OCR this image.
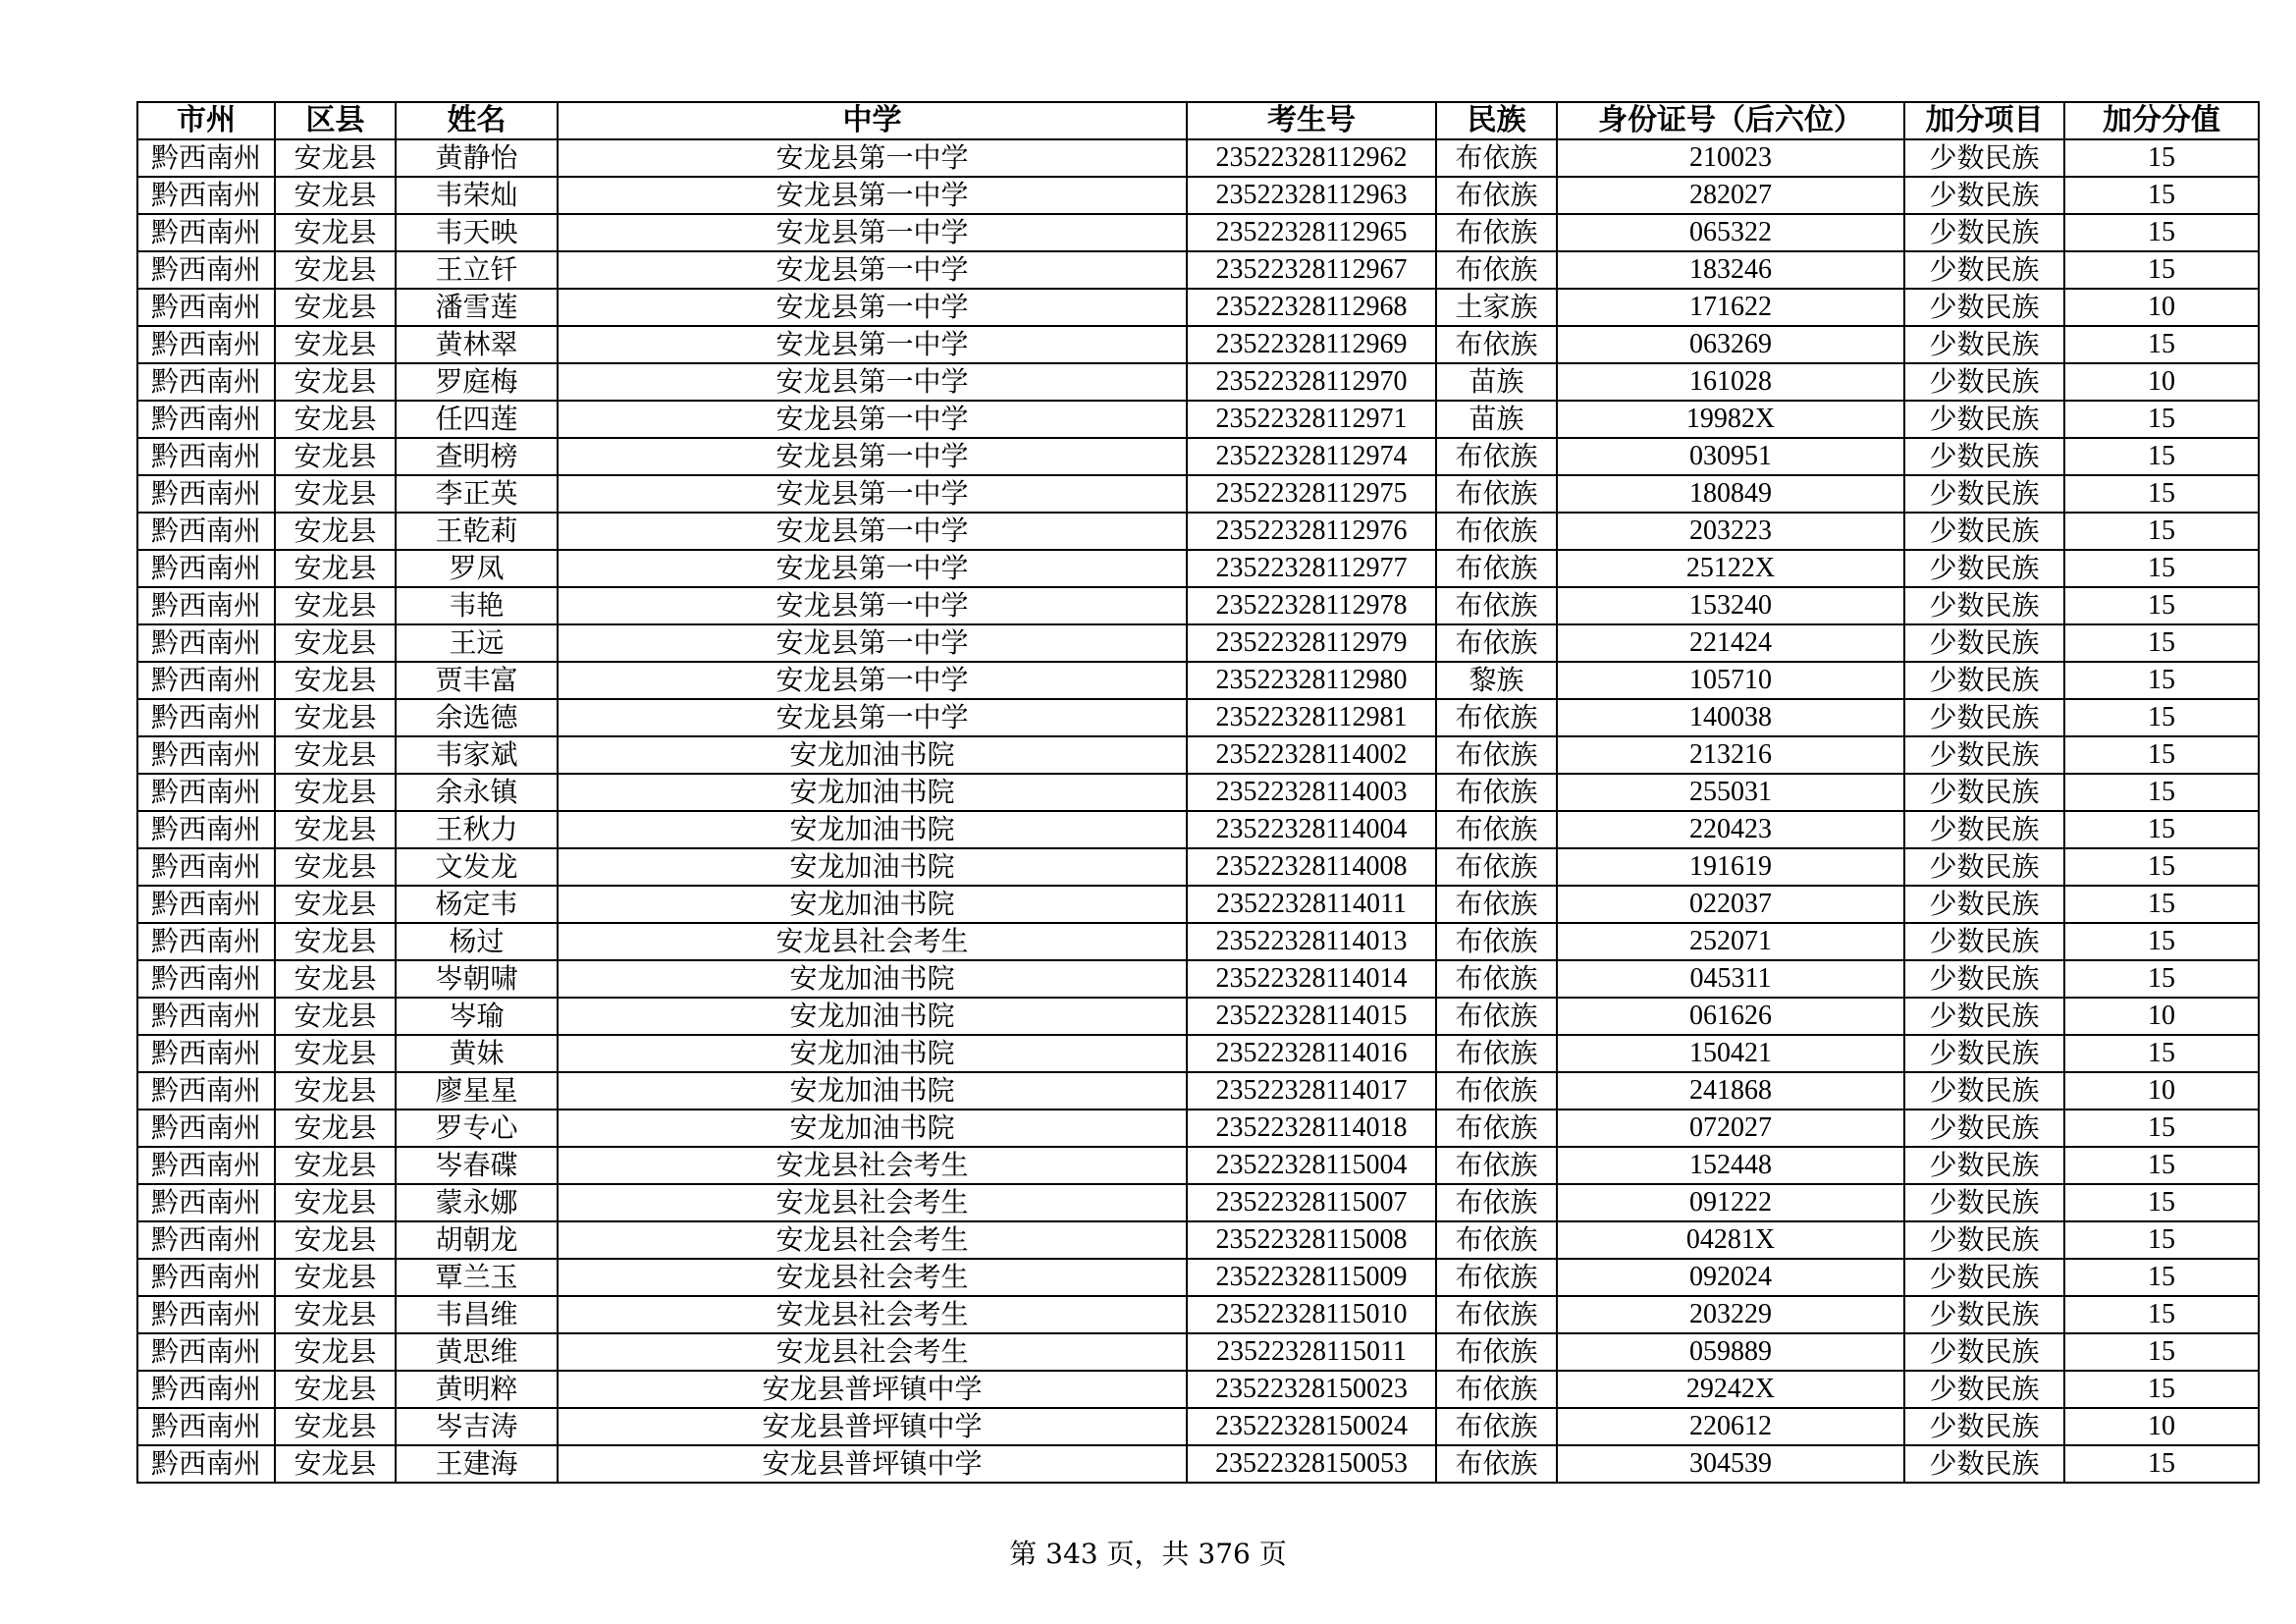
市州	区县	姓名	中学	考生号	民族	身份证号（后六位）	加分项目	加分分值
黔西南州	安龙县	黄静怡	安龙县第一中学	23522328112962	布依族	210023	少数民族	15
黔西南州	安龙县	韦荣灿	安龙县第一中学	23522328112963	布依族	282027	少数民族	15
黔西南州	安龙县	韦天映	安龙县第一中学	23522328112965	布依族	065322	少数民族	15
黔西南州	安龙县	王立钎	安龙县第一中学	23522328112967	布依族	183246	少数民族	15
黔西南州	安龙县	潘雪莲	安龙县第一中学	23522328112968	土家族	171622	少数民族	10
黔西南州	安龙县	黄林翠	安龙县第一中学	23522328112969	布依族	063269	少数民族	15
黔西南州	安龙县	罗庭梅	安龙县第一中学	23522328112970	苗族	161028	少数民族	10
黔西南州	安龙县	任四莲	安龙县第一中学	23522328112971	苗族	19982X	少数民族	15
黔西南州	安龙县	查明榜	安龙县第一中学	23522328112974	布依族	030951	少数民族	15
黔西南州	安龙县	李正英	安龙县第一中学	23522328112975	布依族	180849	少数民族	15
黔西南州	安龙县	王乾莉	安龙县第一中学	23522328112976	布依族	203223	少数民族	15
黔西南州	安龙县	罗凤	安龙县第一中学	23522328112977	布依族	25122X	少数民族	15
黔西南州	安龙县	韦艳	安龙县第一中学	23522328112978	布依族	153240	少数民族	15
黔西南州	安龙县	王远	安龙县第一中学	23522328112979	布依族	221424	少数民族	15
黔西南州	安龙县	贾丰富	安龙县第一中学	23522328112980	黎族	105710	少数民族	15
黔西南州	安龙县	余选德	安龙县第一中学	23522328112981	布依族	140038	少数民族	15
黔西南州	安龙县	韦家斌	安龙加油书院	23522328114002	布依族	213216	少数民族	15
黔西南州	安龙县	余永镇	安龙加油书院	23522328114003	布依族	255031	少数民族	15
黔西南州	安龙县	王秋力	安龙加油书院	23522328114004	布依族	220423	少数民族	15
黔西南州	安龙县	文发龙	安龙加油书院	23522328114008	布依族	191619	少数民族	15
黔西南州	安龙县	杨定韦	安龙加油书院	23522328114011	布依族	022037	少数民族	15
黔西南州	安龙县	杨过	安龙县社会考生	23522328114013	布依族	252071	少数民族	15
黔西南州	安龙县	岑朝啸	安龙加油书院	23522328114014	布依族	045311	少数民族	15
黔西南州	安龙县	岑瑜	安龙加油书院	23522328114015	布依族	061626	少数民族	10
黔西南州	安龙县	黄妹	安龙加油书院	23522328114016	布依族	150421	少数民族	15
黔西南州	安龙县	廖星星	安龙加油书院	23522328114017	布依族	241868	少数民族	10
黔西南州	安龙县	罗专心	安龙加油书院	23522328114018	布依族	072027	少数民族	15
黔西南州	安龙县	岑春碟	安龙县社会考生	23522328115004	布依族	152448	少数民族	15
黔西南州	安龙县	蒙永娜	安龙县社会考生	23522328115007	布依族	091222	少数民族	15
黔西南州	安龙县	胡朝龙	安龙县社会考生	23522328115008	布依族	04281X	少数民族	15
黔西南州	安龙县	覃兰玉	安龙县社会考生	23522328115009	布依族	092024	少数民族	15
黔西南州	安龙县	韦昌维	安龙县社会考生	23522328115010	布依族	203229	少数民族	15
黔西南州	安龙县	黄思维	安龙县社会考生	23522328115011	布依族	059889	少数民族	15
黔西南州	安龙县	黄明粹	安龙县普坪镇中学	23522328150023	布依族	29242X	少数民族	15
黔西南州	安龙县	岑吉涛	安龙县普坪镇中学	23522328150024	布依族	220612	少数民族	10
黔西南州	安龙县	王建海	安龙县普坪镇中学	23522328150053	布依族	304539	少数民族	15
第 343 页，共 376 页
